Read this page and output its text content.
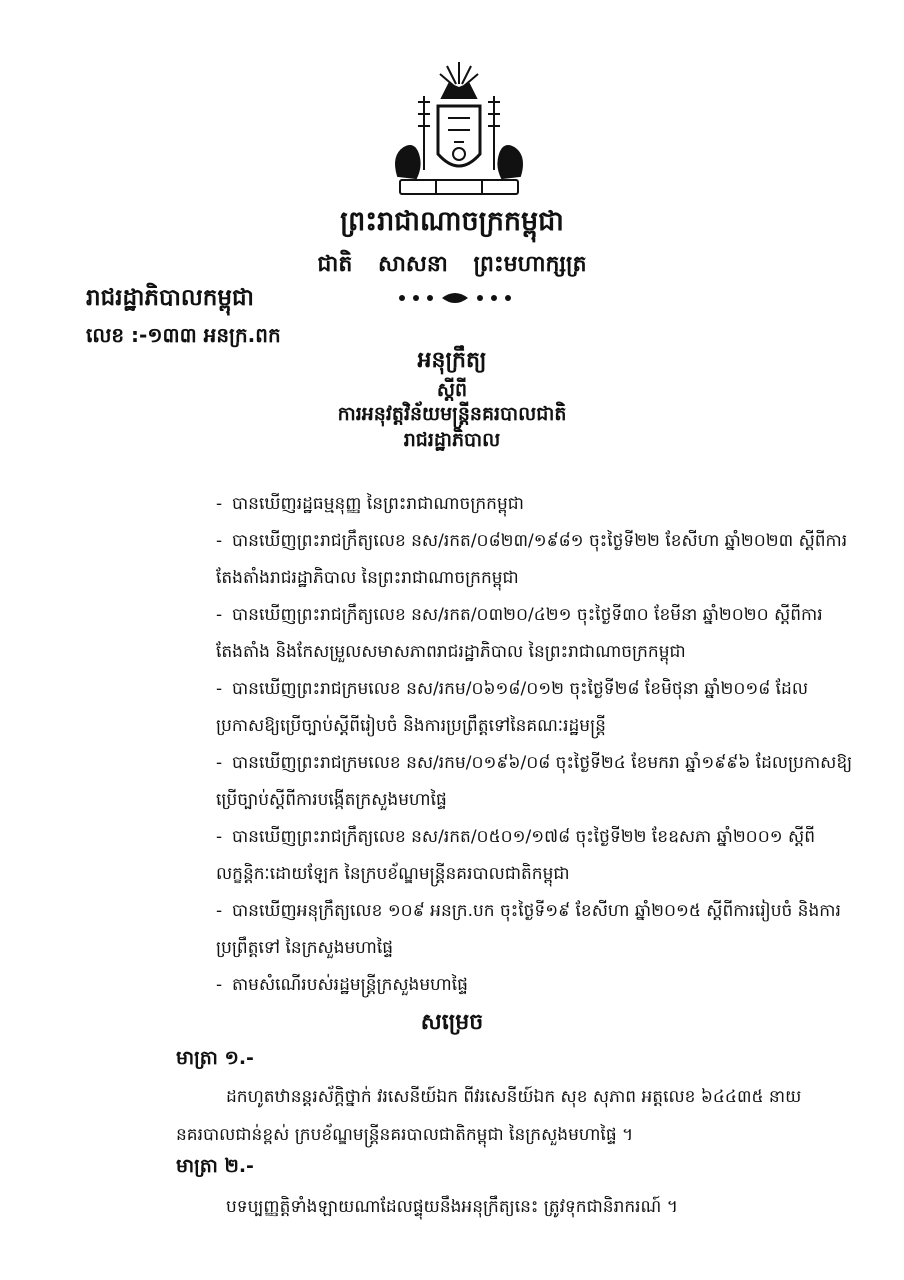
ព្រះរាជាណាចក្រកម្ពុជា
ជាតិ សាសនា ព្រះមហាក្សត្រ
រាជរដ្ឋាភិបាលកម្ពុជា
លេខ :-១៣៣ អនក្រ.ពក
អនុក្រឹត្យ
ស្តីពី
ការអនុវត្តវិន័យមន្ត្រីនគរបាលជាតិ
រាជរដ្ឋាភិបាល
- បានឃើញរដ្ឋធម្មនុញ្ញ នៃព្រះរាជាណាចក្រកម្ពុជា
- បានឃើញព្រះរាជក្រឹត្យលេខ នស/រកត/០៨២៣/១៩៨១ ចុះថ្ងៃទី២២ ខែសីហា ឆ្នាំ២០២៣ ស្តីពីការតែងតាំងរាជរដ្ឋាភិបាល នៃព្រះរាជាណាចក្រកម្ពុជា
- បានឃើញព្រះរាជក្រឹត្យលេខ នស/រកត/០៣២០/៤២១ ចុះថ្ងៃទី៣០ ខែមីនា ឆ្នាំ២០២០ ស្តីពីការតែងតាំង និងកែសម្រួលសមាសភាពរាជរដ្ឋាភិបាល នៃព្រះរាជាណាចក្រកម្ពុជា
- បានឃើញព្រះរាជក្រមលេខ នស/រកម/០៦១៨/០១២ ចុះថ្ងៃទី២៨ ខែមិថុនា ឆ្នាំ២០១៨ ដែលប្រកាសឱ្យប្រើច្បាប់ស្តីពីរៀបចំ និងការប្រព្រឹត្តទៅនៃគណៈរដ្ឋមន្ត្រី
- បានឃើញព្រះរាជក្រមលេខ នស/រកម/០១៩៦/០៨ ចុះថ្ងៃទី២៤ ខែមករា ឆ្នាំ១៩៩៦ ដែលប្រកាសឱ្យប្រើច្បាប់ស្តីពីការបង្កើតក្រសួងមហាផ្ទៃ
- បានឃើញព្រះរាជក្រឹត្យលេខ នស/រកត/០៥០១/១៧៨ ចុះថ្ងៃទី២២ ខែឧសភា ឆ្នាំ២០០១ ស្តីពីលក្ខន្តិកៈដោយឡែក នៃក្របខ័ណ្ឌមន្ត្រីនគរបាលជាតិកម្ពុជា
- បានឃើញអនុក្រឹត្យលេខ ១០៩ អនក្រ.បក ចុះថ្ងៃទី១៩ ខែសីហា ឆ្នាំ២០១៥ ស្តីពីការរៀបចំ និងការប្រព្រឹត្តទៅ នៃក្រសួងមហាផ្ទៃ
- តាមសំណើរបស់រដ្ឋមន្ត្រីក្រសួងមហាផ្ទៃ
សម្រេច
មាត្រា ១.-
ដកហូតឋានន្តរស័ក្តិថ្នាក់ វរសេនីយ៍ឯក ពីវរសេនីយ៍ឯក សុខ សុភាព អត្តលេខ ៦៤៤៣៥ នាយនគរបាលជាន់ខ្ពស់ ក្របខ័ណ្ឌមន្ត្រីនគរបាលជាតិកម្ពុជា នៃក្រសួងមហាផ្ទៃ ។
មាត្រា ២.-
បទប្បញ្ញត្តិទាំងឡាយណាដែលផ្ទុយនឹងអនុក្រឹត្យនេះ ត្រូវទុកជានិរាករណ៍ ។
